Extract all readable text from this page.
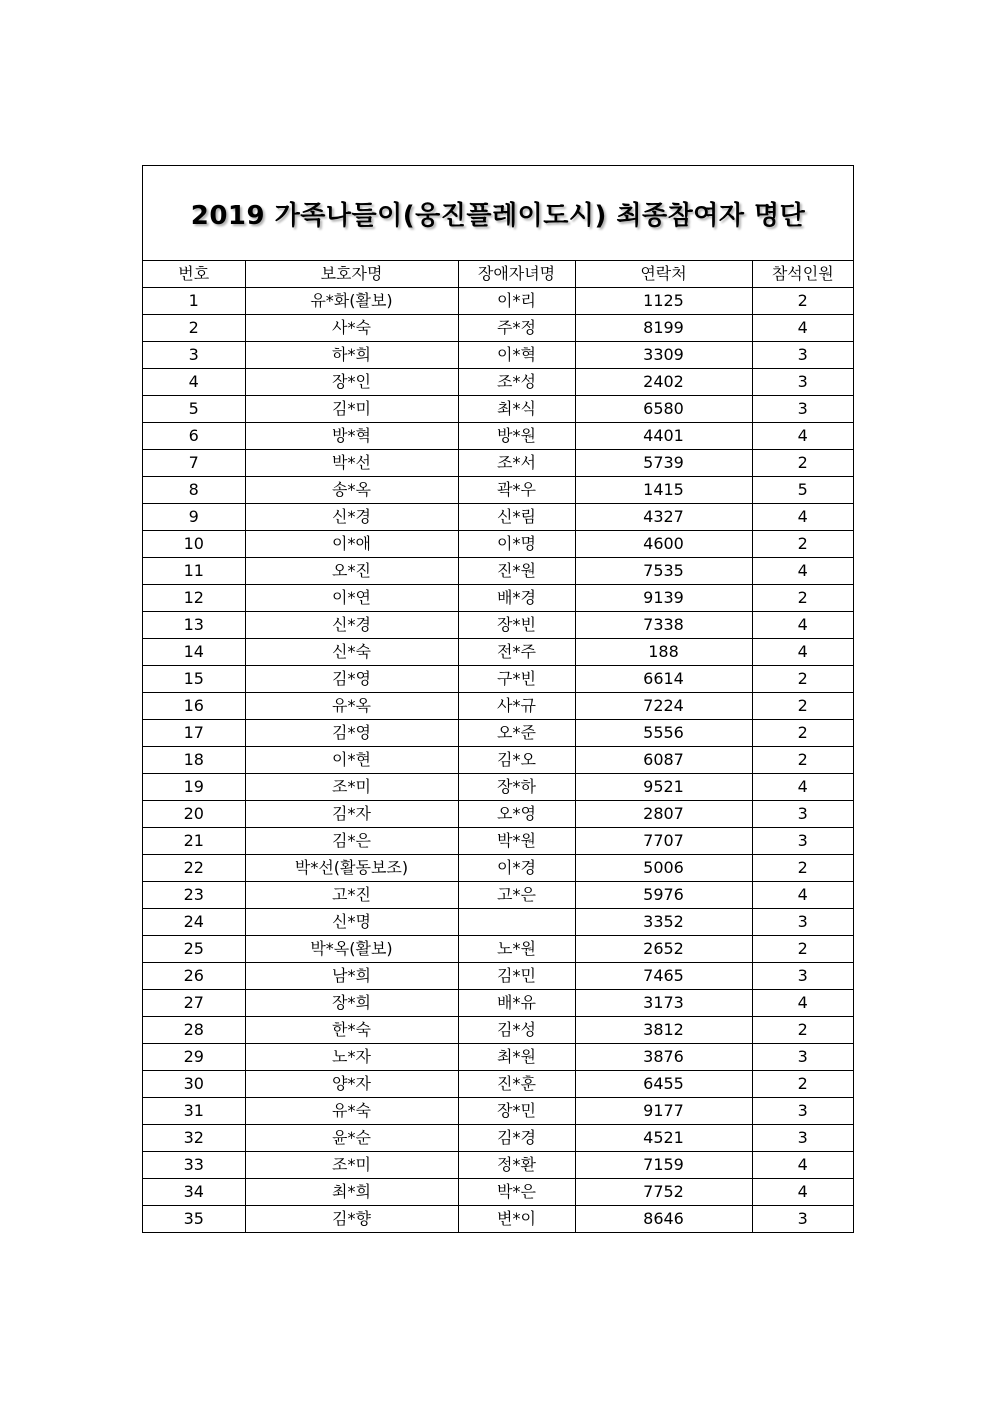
2019 가족나들이(웅진플레이도시) 최종참여자 명단
번호	보호자명	장애자녀명	연락처	참석인원
1	유*화(활보)	이*리	1125	2
2	사*숙	주*정	8199	4
3	하*희	이*혁	3309	3
4	장*인	조*성	2402	3
5	김*미	최*식	6580	3
6	방*혁	방*원	4401	4
7	박*선	조*서	5739	2
8	송*옥	곽*우	1415	5
9	신*경	신*림	4327	4
10	이*애	이*명	4600	2
11	오*진	진*원	7535	4
12	이*연	배*경	9139	2
13	신*경	장*빈	7338	4
14	신*숙	전*주	188	4
15	김*영	구*빈	6614	2
16	유*옥	사*규	7224	2
17	김*영	오*준	5556	2
18	이*현	김*오	6087	2
19	조*미	장*하	9521	4
20	김*자	오*영	2807	3
21	김*은	박*원	7707	3
22	박*선(활동보조)	이*경	5006	2
23	고*진	고*은	5976	4
24	신*명		3352	3
25	박*옥(활보)	노*원	2652	2
26	남*희	김*민	7465	3
27	장*희	배*유	3173	4
28	한*숙	김*성	3812	2
29	노*자	최*원	3876	3
30	양*자	진*훈	6455	2
31	유*숙	장*민	9177	3
32	윤*순	김*경	4521	3
33	조*미	정*환	7159	4
34	최*희	박*은	7752	4
35	김*향	변*이	8646	3
